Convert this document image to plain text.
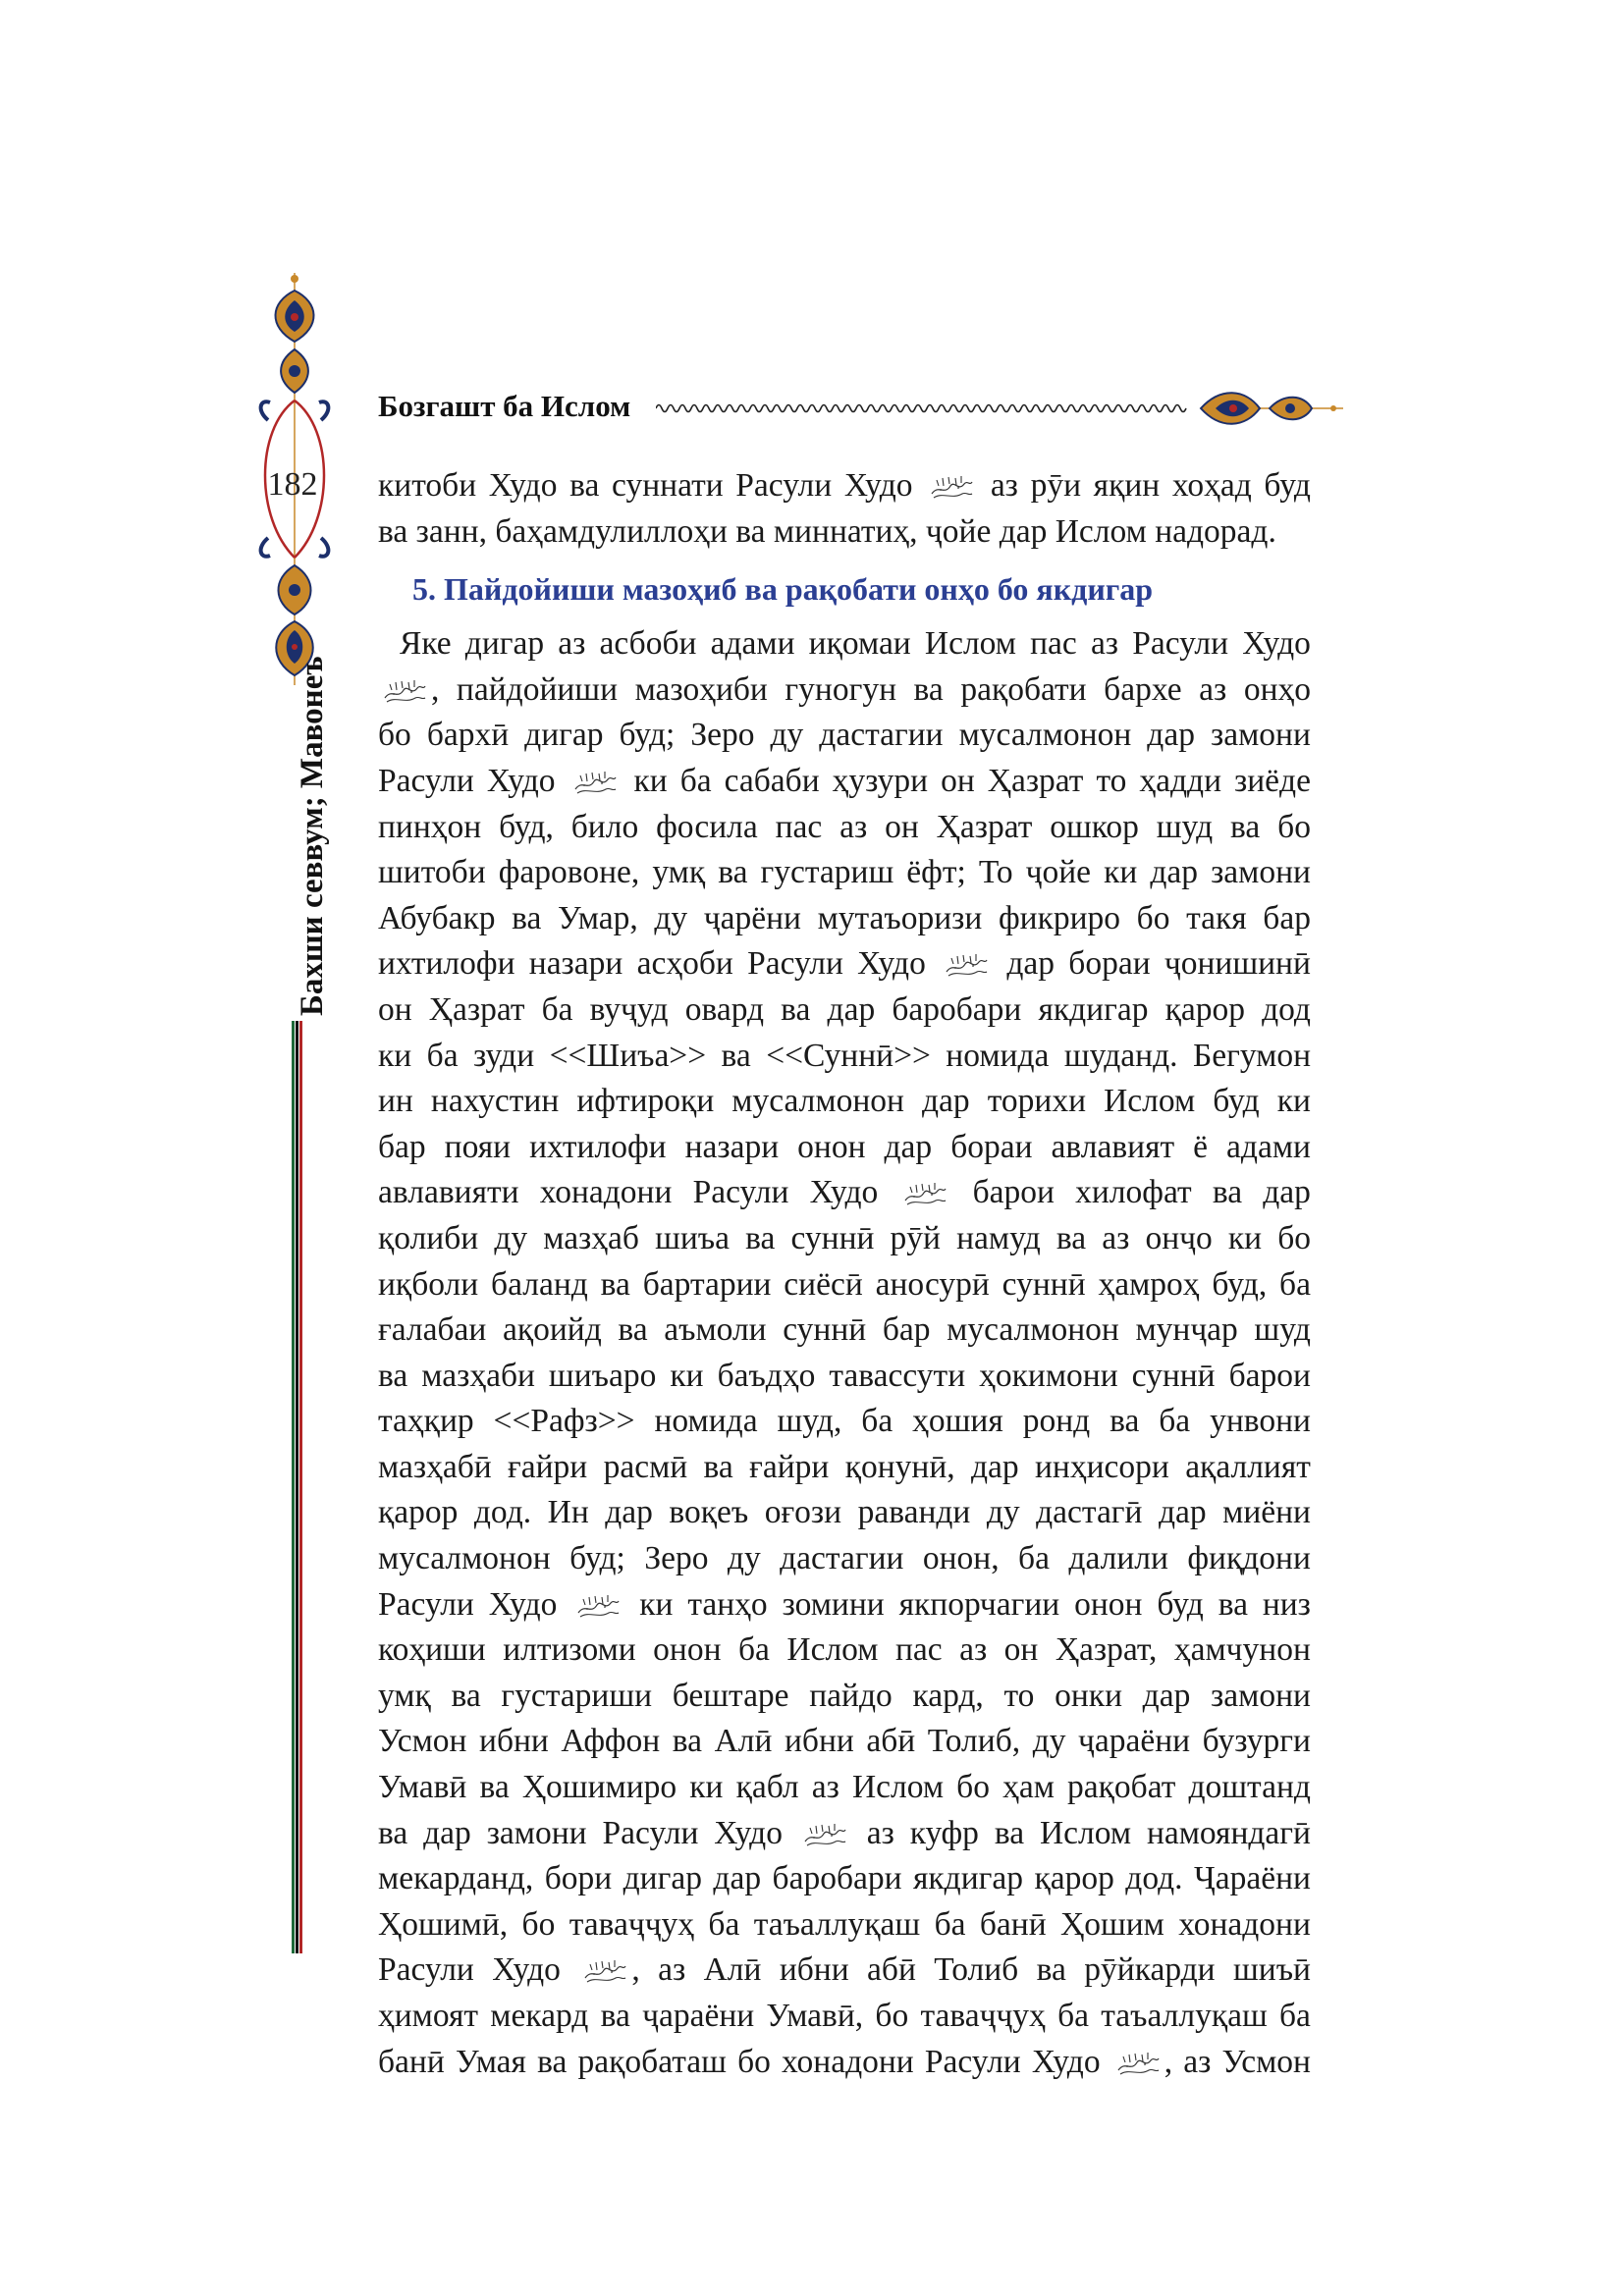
182
Бахши севвум; Мавонеъ
Бозгашт ба Ислом
китоби Худо ва суннати Расули Худо аз рӯи яқин хоҳад буд
ва занн, баҳамдулиллоҳи ва миннатиҳ, ҷойе дар Ислом надорад.
5. Пайдойиши мазоҳиб ва рақобати онҳо бо якдигар
Яке дигар аз асбоби адами иқомаи Ислом пас аз Расули Худо
, пайдойиши мазоҳиби гуногун ва рақобати бархе аз онҳо
бо бархӣ дигар буд; Зеро ду дастагии мусалмонон дар замони
Расули Худо ки ба сабаби ҳузури он Ҳазрат то ҳадди зиёде
пинҳон буд, било фосила пас аз он Ҳазрат ошкор шуд ва бо
шитоби фаровоне, умқ ва густариш ёфт; То ҷойе ки дар замони
Абубакр ва Умар, ду ҷарёни мутаъоризи фикриро бо такя бар
ихтилофи назари асҳоби Расули Худо дар бораи ҷонишинӣ
он Ҳазрат ба вуҷуд овард ва дар баробари якдигар қарор дод
ки ба зуди <<Шиъа>> ва <<Суннӣ>> номида шуданд. Бегумон
ин нахустин ифтироқи мусалмонон дар торихи Ислом буд ки
бар пояи ихтилофи назари онон дар бораи авлавият ё адами
авлавияти хонадони Расули Худо	барои хилофат ва дар
қолиби ду мазҳаб шиъа ва суннӣ рӯй намуд ва аз онҷо ки бо
иқболи баланд ва бартарии сиёсӣ аносурӣ суннӣ ҳамроҳ буд, ба
ғалабаи ақоийд ва аъмоли суннӣ бар мусалмонон мунҷар шуд
ва мазҳаби шиъаро ки баъдҳо тавассути ҳокимони суннӣ барои
таҳқир <<Рафз>> номида шуд, ба ҳошия ронд ва ба унвони
мазҳабӣ ғайри расмӣ ва ғайри қонунӣ, дар инҳисори ақаллият
қарор дод. Ин дар воқеъ оғози раванди ду дастагӣ дар миёни
мусалмонон буд; Зеро ду дастагии онон, ба далили фиқдони
Расули Худо	ки танҳо зомини якпорчагии онон буд ва низ
коҳиши илтизоми онон ба Ислом пас аз он Ҳазрат, ҳамчунон
умқ ва густариши бештаре пайдо кард, то онки дар замони
Усмон ибни Аффон ва Алӣ ибни абӣ Толиб, ду ҷараёни бузурги
Умавӣ ва Ҳошимиро ки қабл аз Ислом бо ҳам рақобат доштанд
ва дар замони Расули Худо	аз куфр ва Ислом намояндагӣ
мекарданд, бори дигар дар баробари якдигар қарор дод. Ҷараёни
Ҳошимӣ, бо таваҷҷуҳ ба таъаллуқаш ба банӣ Ҳошим хонадони
Расули Худо	, аз Алӣ ибни абӣ Толиб ва рӯйкарди шиъӣ
ҳимоят мекард ва ҷараёни Умавӣ, бо таваҷҷуҳ ба таъаллуқаш ба
банӣ Умая ва рақобаташ бо хонадони Расули Худо	, аз Усмон
